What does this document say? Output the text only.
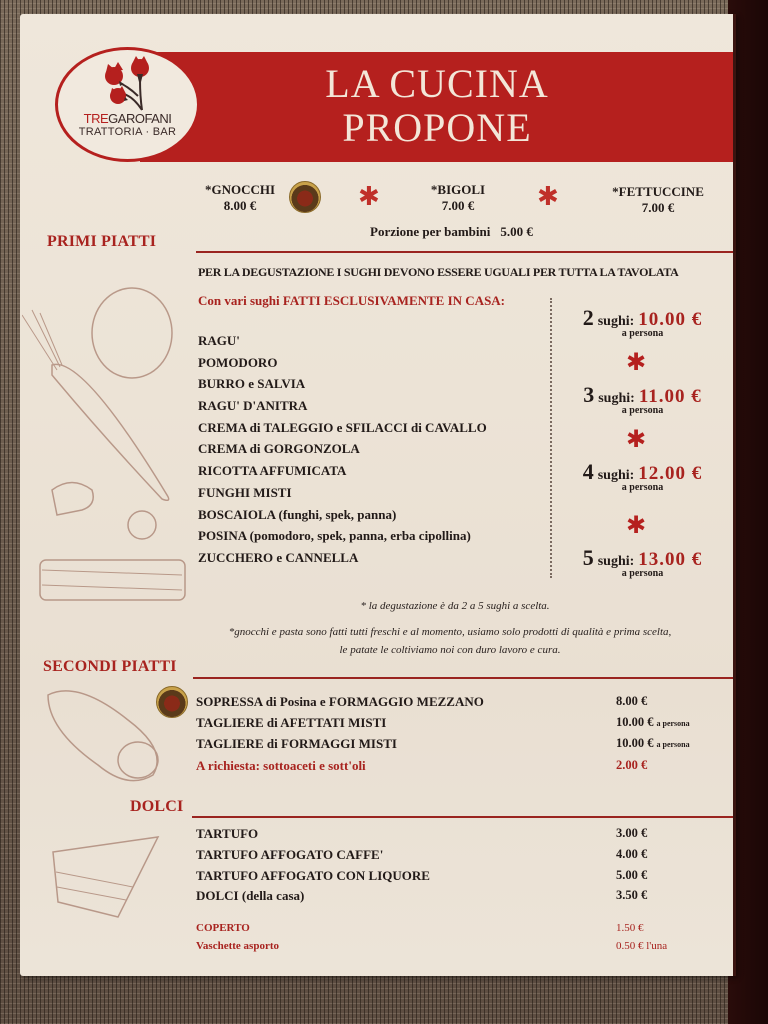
LA CUCINA
PROPONE
TREGAROFANI
TRATTORIA · BAR
*GNOCCHI
8.00 €	✱	*BIGOLI
7.00 €	✱	*FETTUCCINE
7.00 €
Porzione per bambini 5.00 €
PRIMI PIATTI
PER LA DEGUSTAZIONE I SUGHI DEVONO ESSERE UGUALI PER TUTTA LA TAVOLATA
Con vari sughi FATTI ESCLUSIVAMENTE IN CASA:
RAGU'
POMODORO
BURRO e SALVIA
RAGU' D'ANITRA
CREMA di TALEGGIO e SFILACCI di CAVALLO
CREMA di GORGONZOLA
RICOTTA AFFUMICATA
FUNGHI MISTI
BOSCAIOLA (funghi, spek, panna)
POSINA (pomodoro, spek, panna, erba cipollina)
ZUCCHERO e CANNELLA
2 sughi: 10.00 €
a persona
✱
3 sughi: 11.00 €
a persona
✱
4 sughi: 12.00 €
a persona
✱
5 sughi: 13.00 €
a persona
* la degustazione è da 2 a 5 sughi a scelta.
*gnocchi e pasta sono fatti tutti freschi e al momento, usiamo solo prodotti di qualità e prima scelta,
le patate le coltiviamo noi con duro lavoro e cura.
SECONDI PIATTI
SOPRESSA di Posina e FORMAGGIO MEZZANO	8.00 €
TAGLIERE di AFETTATI MISTI	10.00 € a persona
TAGLIERE di FORMAGGI MISTI	10.00 € a persona
A richiesta: sottoaceti e sott'oli	2.00 €
DOLCI
TARTUFO	3.00 €
TARTUFO AFFOGATO CAFFE'	4.00 €
TARTUFO AFFOGATO CON LIQUORE	5.00 €
DOLCI (della casa)	3.50 €
COPERTO	1.50 €
Vaschette asporto	0.50 € l'una
